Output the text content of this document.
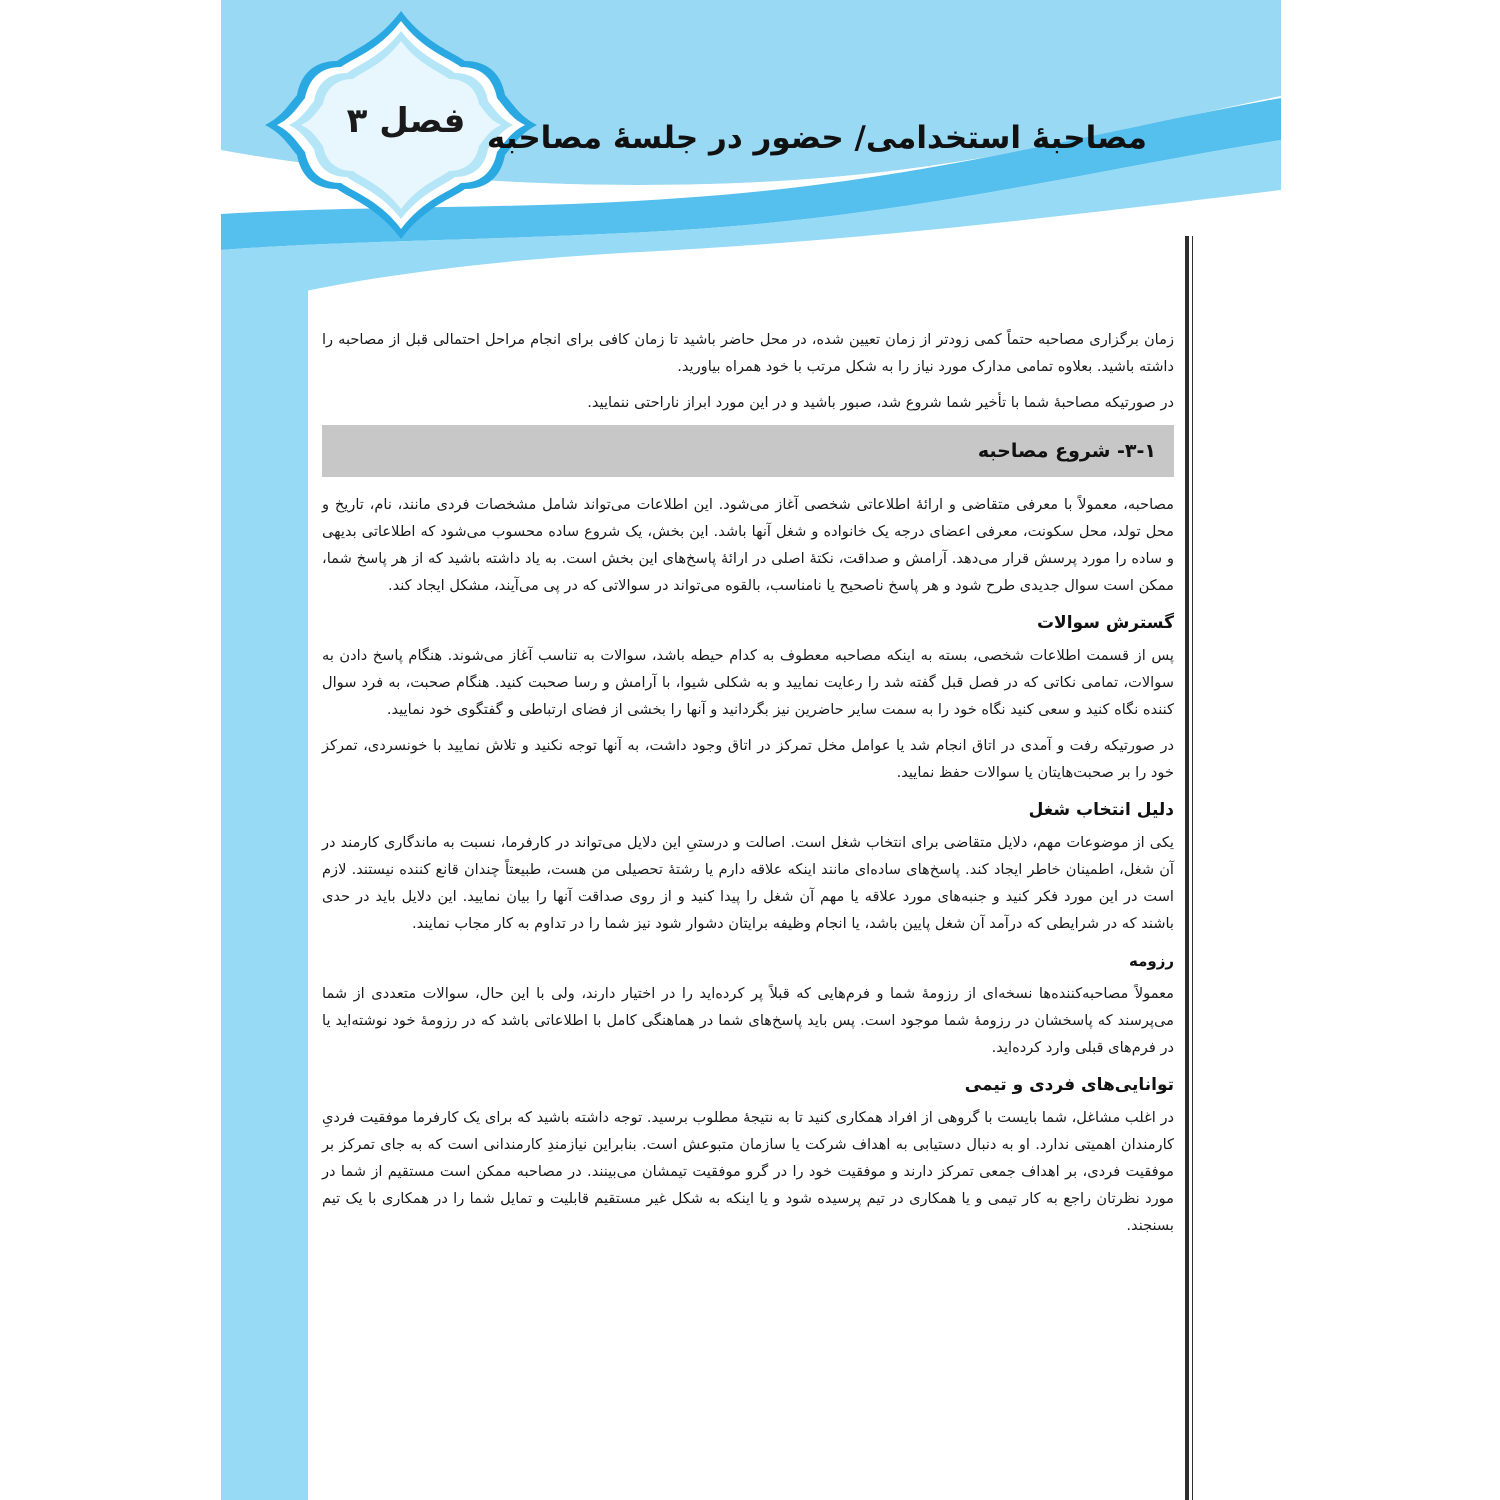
فصل ۳ مصاحبۀ استخدامی/ حضور در جلسۀ مصاحبه

زمان برگزاری مصاحبه حتماً کمی زودتر از زمان تعیین شده، در محل حاضر باشید تا زمان کافی برای انجام مراحل احتمالی قبل از مصاحبه را داشته باشید. بعلاوه تمامی مدارک مورد نیاز را به شکل مرتب با خود همراه بیاورید.

در صورتیکه مصاحبۀ شما با تأخیر شما شروع شد، صبور باشید و در این مورد ابراز ناراحتی ننمایید.

۳-۱- شروع مصاحبه

مصاحبه، معمولاً با معرفی متقاضی و ارائۀ اطلاعاتی شخصی آغاز می‌شود. این اطلاعات می‌تواند شامل مشخصات فردی مانند، نام، تاریخ و محل تولد، محل سکونت، معرفی اعضای درجه یک خانواده و شغل آنها باشد. این بخش، یک شروع ساده محسوب می‌شود که اطلاعاتی بدیهی و ساده را مورد پرسش قرار می‌دهد. آرامش و صداقت، نکتۀ اصلی در ارائۀ پاسخ‌های این بخش است. به یاد داشته باشید که از هر پاسخ شما، ممکن است سوال جدیدی طرح شود و هر پاسخ ناصحیح یا نامناسب، بالقوه می‌تواند در سوالاتی که در پی می‌آیند، مشکل ایجاد کند.

گسترش سوالات

پس از قسمت اطلاعات شخصی، بسته به اینکه مصاحبه معطوف به کدام حیطه باشد، سوالات به تناسب آغاز می‌شوند. هنگام پاسخ دادن به سوالات، تمامی نکاتی که در فصل قبل گفته شد را رعایت نمایید و به شکلی شیوا، با آرامش و رسا صحبت کنید. هنگام صحبت، به فرد سوال کننده نگاه کنید و سعی کنید نگاه خود را به سمت سایر حاضرین نیز بگردانید و آنها را بخشی از فضای ارتباطی و گفتگوی خود نمایید.

در صورتیکه رفت و آمدی در اتاق انجام شد یا عوامل مخل تمرکز در اتاق وجود داشت، به آنها توجه نکنید و تلاش نمایید با خونسردی، تمرکز خود را بر صحبت‌هایتان یا سوالات حفظ نمایید.

دلیل انتخاب شغل

یکی از موضوعات مهم، دلایل متقاضی برای انتخاب شغل است. اصالت و درستیِ این دلایل می‌تواند در کارفرما، نسبت به ماندگاری کارمند در آن شغل، اطمینان خاطر ایجاد کند. پاسخ‌های ساده‌ای مانند اینکه علاقه دارم یا رشتۀ تحصیلی من هست، طبیعتاً چندان قانع کننده نیستند. لازم است در این مورد فکر کنید و جنبه‌های مورد علاقه یا مهم آن شغل را پیدا کنید و از روی صداقت آنها را بیان نمایید. این دلایل باید در حدی باشند که در شرایطی که درآمد آن شغل پایین باشد، یا انجام وظیفه برایتان دشوار شود نیز شما را در تداوم به کار مجاب نمایند.

رزومه

معمولاً مصاحبه‌کننده‌ها نسخه‌ای از رزومۀ شما و فرم‌هایی که قبلاً پر کرده‌اید را در اختیار دارند، ولی با این حال، سوالات متعددی از شما می‌پرسند که پاسخشان در رزومۀ شما موجود است. پس باید پاسخ‌های شما در هماهنگی کامل با اطلاعاتی باشد که در رزومۀ خود نوشته‌اید یا در فرم‌های قبلی وارد کرده‌اید.

توانایی‌های فردی و تیمی

در اغلب مشاغل، شما بایست با گروهی از افراد همکاری کنید تا به نتیجۀ مطلوب برسید. توجه داشته باشید که برای یک کارفرما موفقیت فردیِ کارمندان اهمیتی ندارد. او به دنبال دستیابی به اهداف شرکت یا سازمان متبوعش است. بنابراین نیازمندِ کارمندانی است که به جای تمرکز بر موفقیت فردی، بر اهداف جمعی تمرکز دارند و موفقیت خود را در گرو موفقیت تیمشان می‌بینند. در مصاحبه ممکن است مستقیم از شما در مورد نظرتان راجع به کار تیمی و یا همکاری در تیم پرسیده شود و یا اینکه به شکل غیر مستقیم قابلیت و تمایل شما را در همکاری با یک تیم بسنجند.
